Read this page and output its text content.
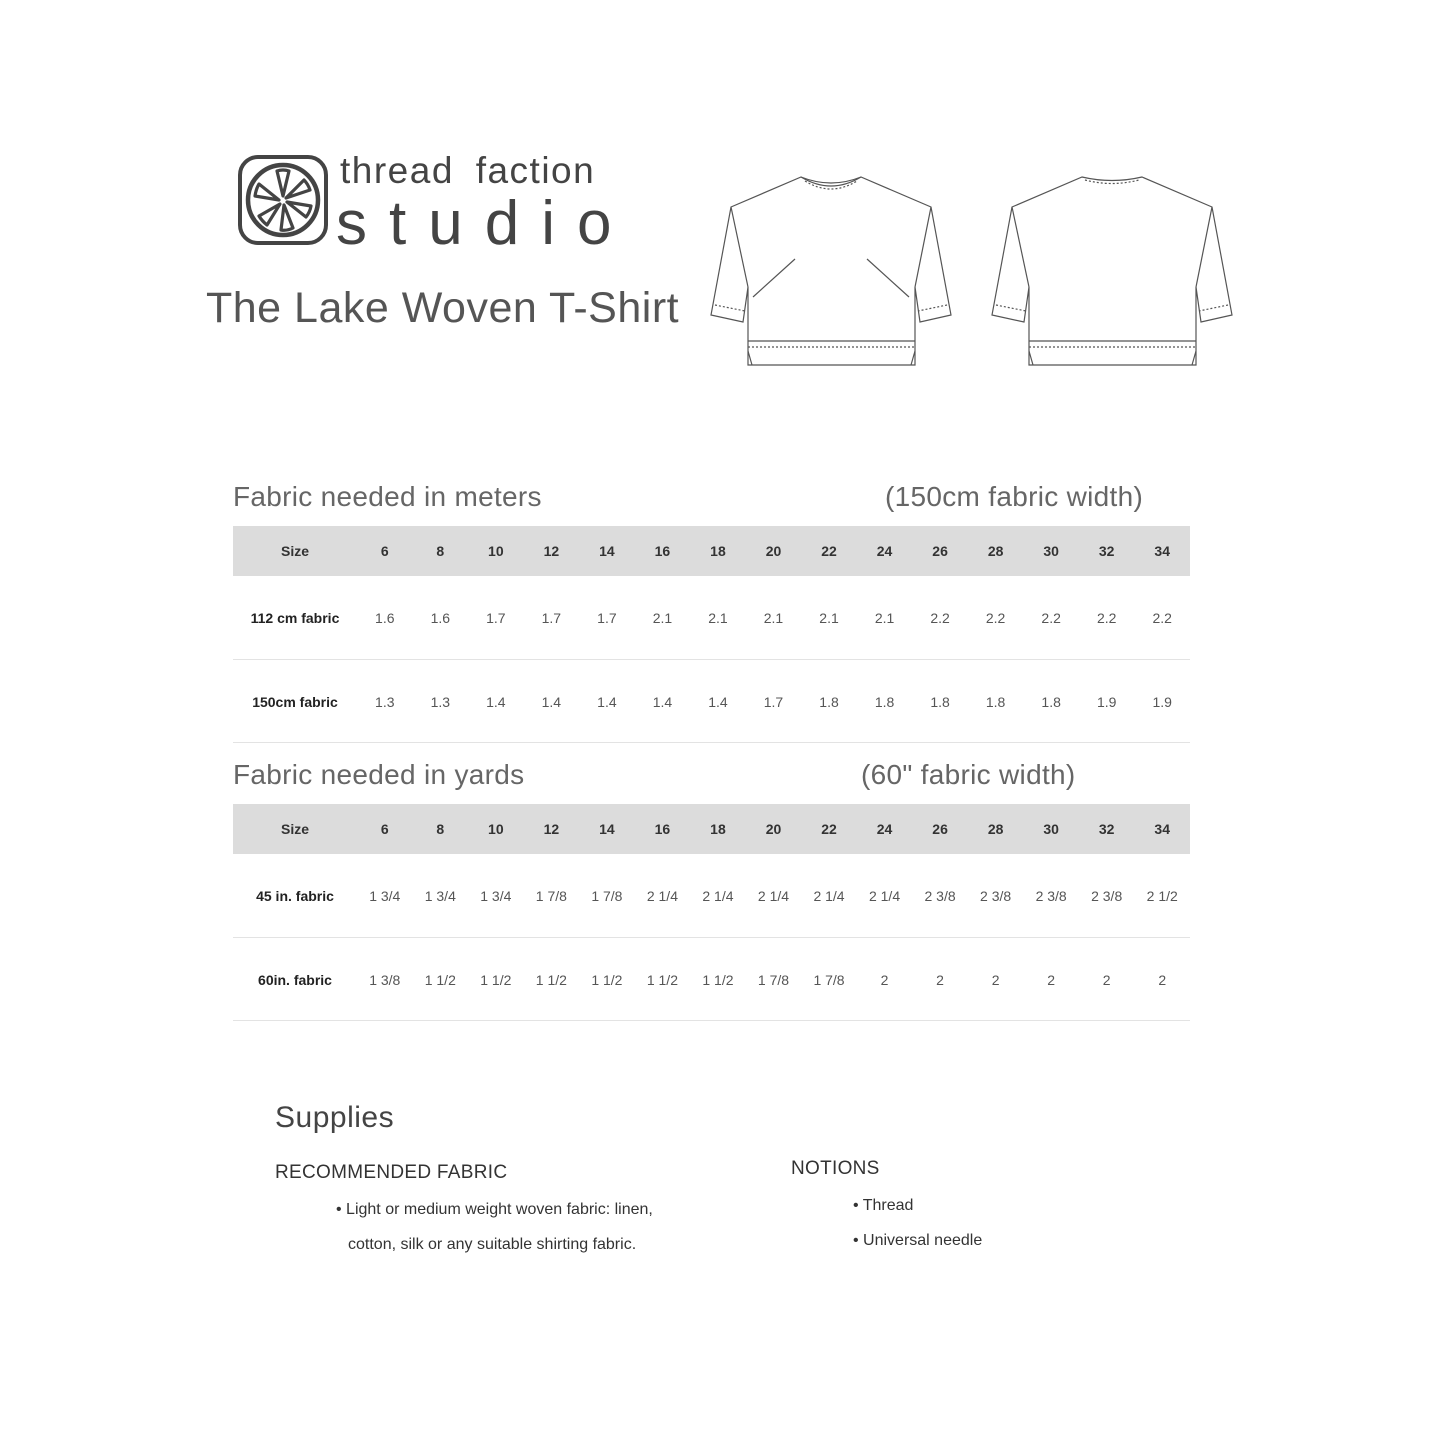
thread faction
studio
The Lake Woven T-Shirt
Fabric needed in meters	(150cm fabric width)
Size	6	8	10	12	14	16	18	20	22	24	26	28	30	32	34
112 cm fabric	1.6	1.6	1.7	1.7	1.7	2.1	2.1	2.1	2.1	2.1	2.2	2.2	2.2	2.2	2.2
150cm fabric	1.3	1.3	1.4	1.4	1.4	1.4	1.4	1.7	1.8	1.8	1.8	1.8	1.8	1.9	1.9
Fabric needed in yards	(60" fabric width)
Size	6	8	10	12	14	16	18	20	22	24	26	28	30	32	34
45 in. fabric	1 3/4	1 3/4	1 3/4	1 7/8	1 7/8	2 1/4	2 1/4	2 1/4	2 1/4	2 1/4	2 3/8	2 3/8	2 3/8	2 3/8	2 1/2
60in. fabric	1 3/8	1 1/2	1 1/2	1 1/2	1 1/2	1 1/2	1 1/2	1 7/8	1 7/8	2	2	2	2	2	2
Supplies
RECOMMENDED FABRIC
• Light or medium weight woven fabric: linen,
cotton, silk or any suitable shirting fabric.
NOTIONS
• Thread
• Universal needle
